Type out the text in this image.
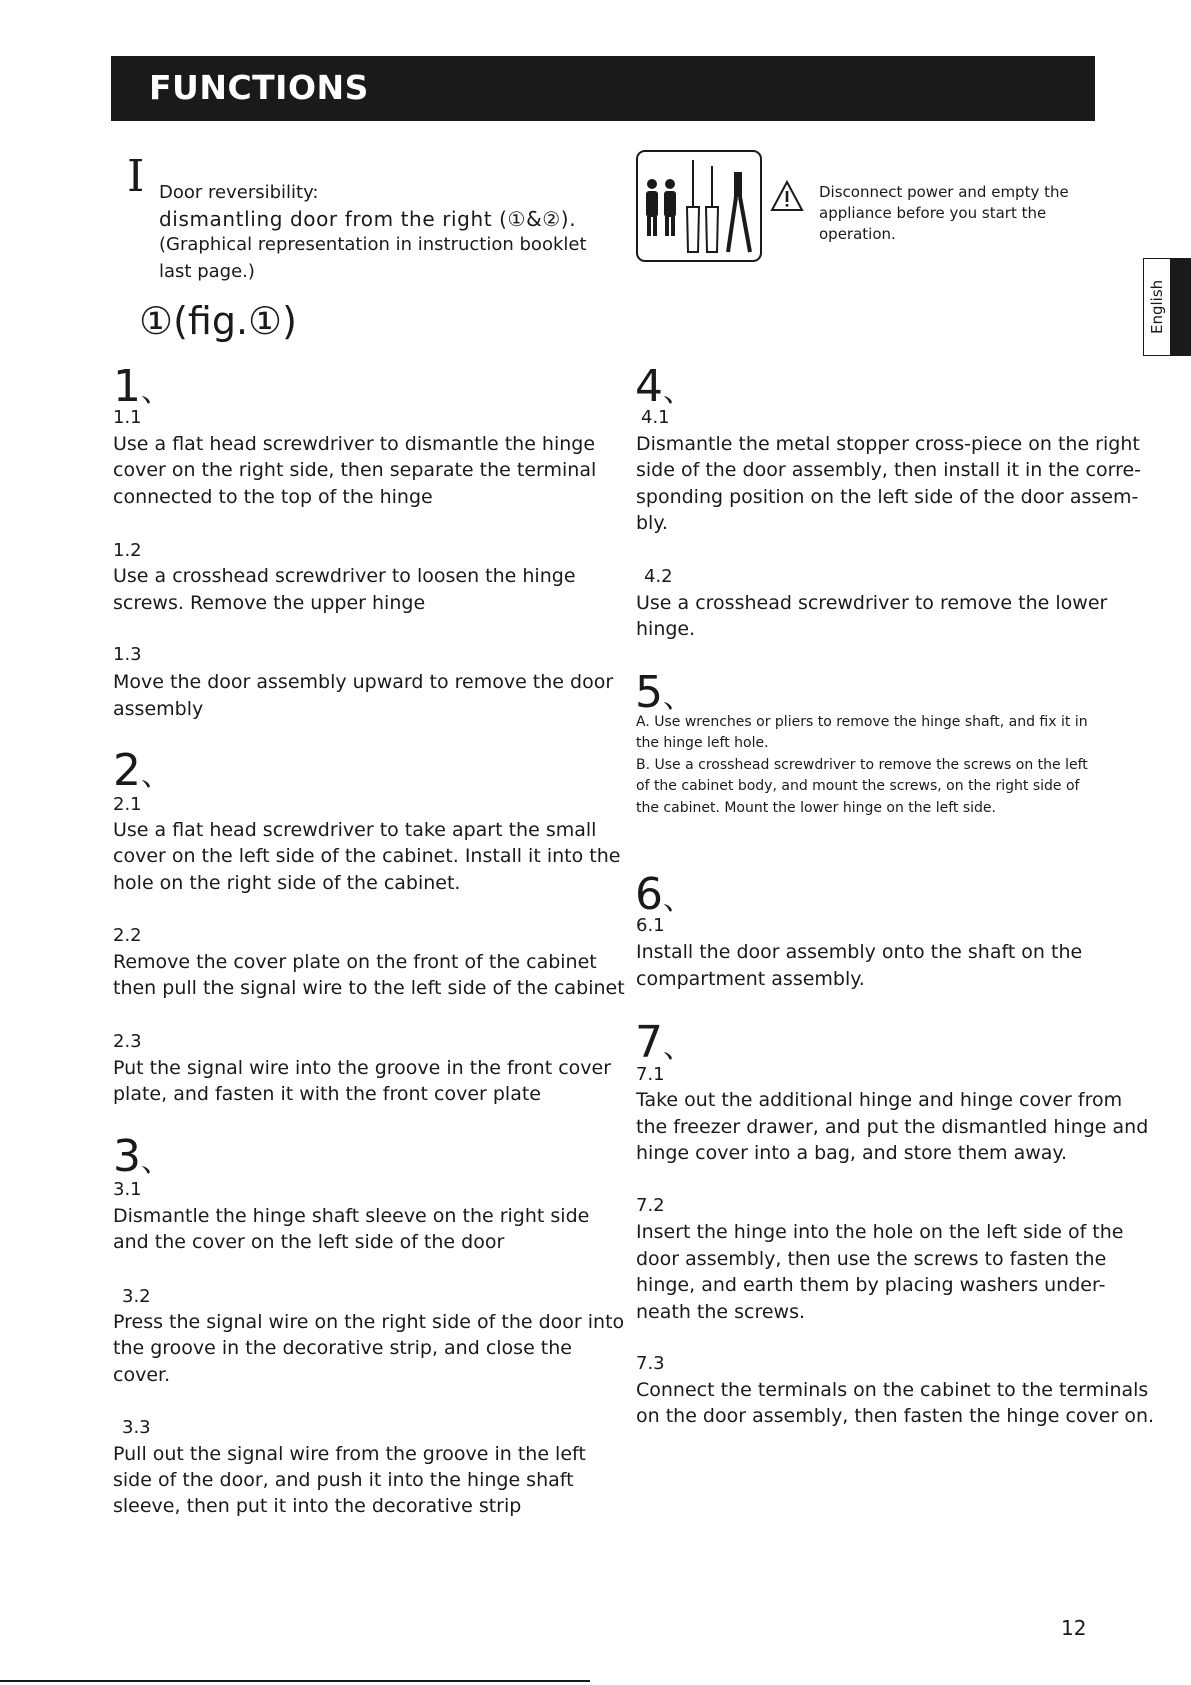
FUNCTIONS
English
I Door reversibility:
dismantling door from the right (①&②).
(Graphical representation in instruction booklet
last page.)
①(fig.①)
Disconnect power and empty the
appliance before you start the
operation.
1、
1.1
Use a flat head screwdriver to dismantle the hinge
cover on the right side, then separate the terminal
connected to the top of the hinge
1.2
Use a crosshead screwdriver to loosen the hinge
screws. Remove the upper hinge
1.3
Move the door assembly upward to remove the door
assembly
2、
2.1
Use a flat head screwdriver to take apart the small
cover on the left side of the cabinet. Install it into the
hole on the right side of the cabinet.
2.2
Remove the cover plate on the front of the cabinet
then pull the signal wire to the left side of the cabinet
2.3
Put the signal wire into the groove in the front cover
plate, and fasten it with the front cover plate
3、
3.1
Dismantle the hinge shaft sleeve on the right side
and the cover on the left side of the door
3.2
Press the signal wire on the right side of the door into
the groove in the decorative strip, and close the
cover.
3.3
Pull out the signal wire from the groove in the left
side of the door, and push it into the hinge shaft
sleeve, then put it into the decorative strip
4、
4.1
Dismantle the metal stopper cross-piece on the right
side of the door assembly, then install it in the corre-
sponding position on the left side of the door assem-
bly.
4.2
Use a crosshead screwdriver to remove the lower
hinge.
5、
A. Use wrenches or pliers to remove the hinge shaft, and fix it in
the hinge left hole.
B. Use a crosshead screwdriver to remove the screws on the left
of the cabinet body, and mount the screws, on the right side of
the cabinet. Mount the lower hinge on the left side.
6、
6.1
Install the door assembly onto the shaft on the
compartment assembly.
7、
7.1
Take out the additional hinge and hinge cover from
the freezer drawer, and put the dismantled hinge and
hinge cover into a bag, and store them away.
7.2
Insert the hinge into the hole on the left side of the
door assembly, then use the screws to fasten the
hinge, and earth them by placing washers under-
neath the screws.
7.3
Connect the terminals on the cabinet to the terminals
on the door assembly, then fasten the hinge cover on.
12
